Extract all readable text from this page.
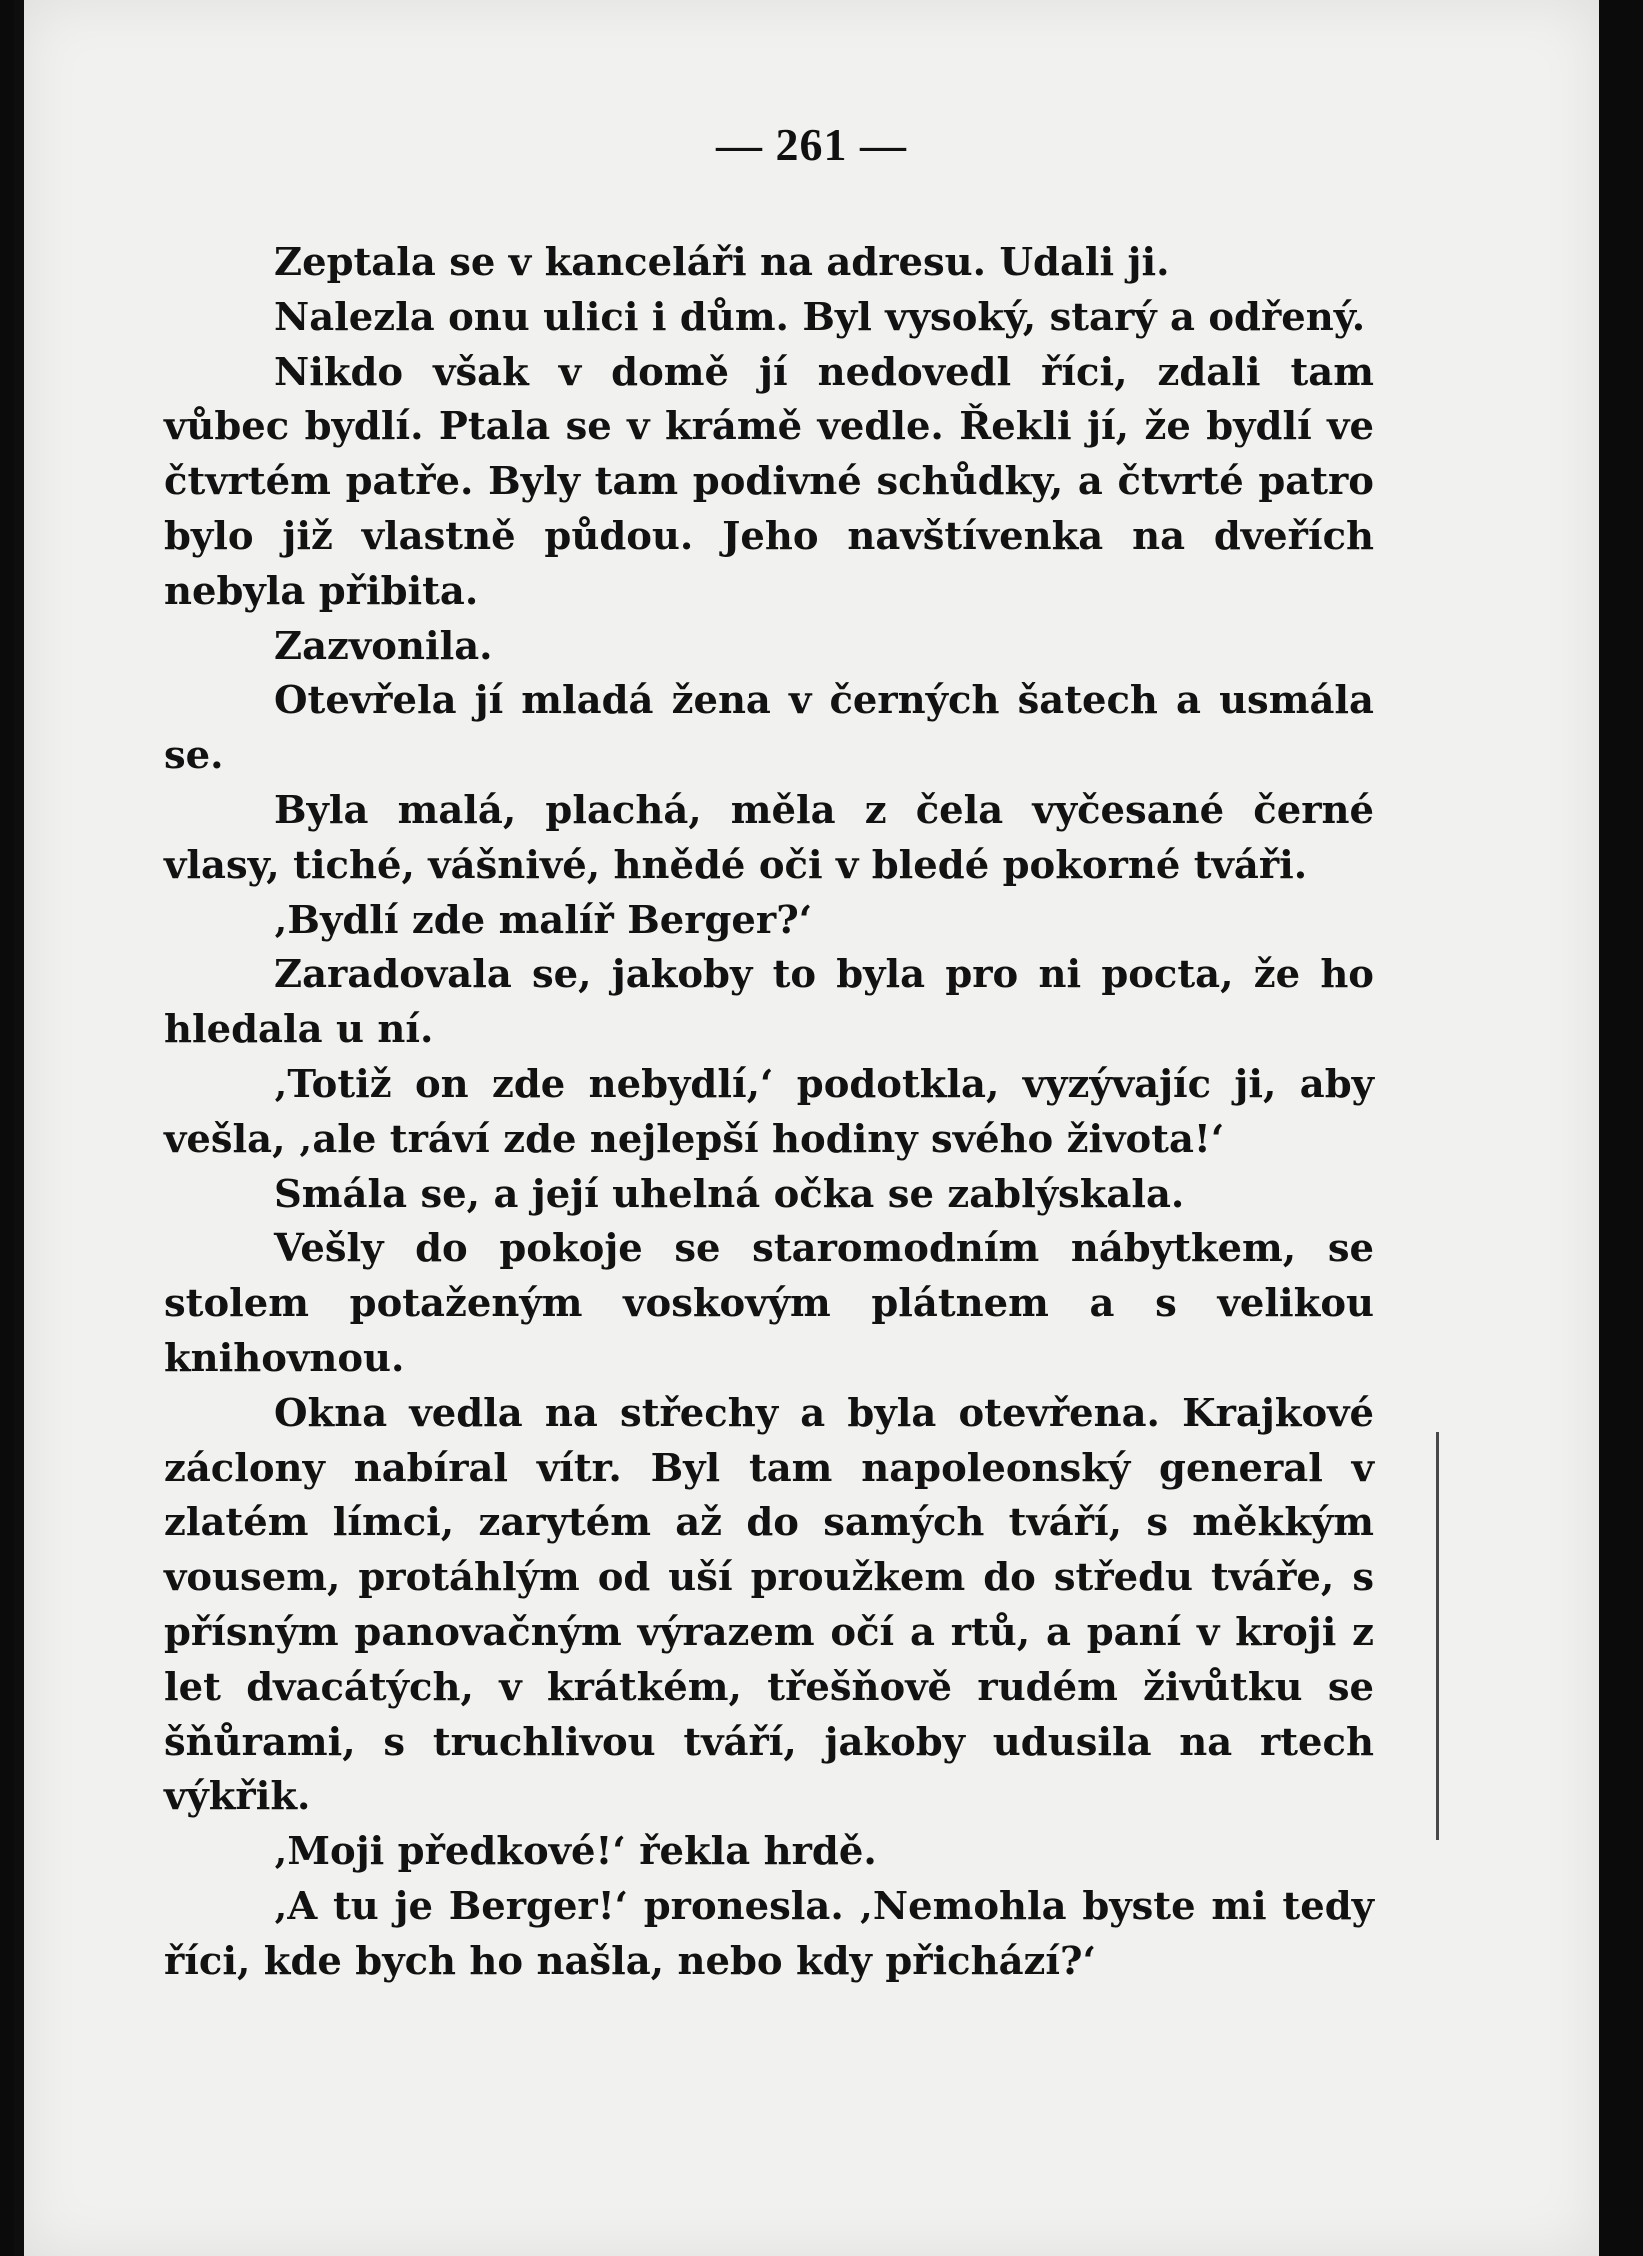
— 261 —

Zeptala se v kanceláři na adresu. Udali ji.

Nalezla onu ulici i dům. Byl vysoký, starý a odřený.

Nikdo však v domě jí nedovedl říci, zdali tam vůbec bydlí. Ptala se v krámě vedle. Řekli jí, že bydlí ve čtvrtém patře. Byly tam podivné schůdky, a čtvrté patro bylo již vlastně půdou. Jeho navštívenka na dveřích nebyla přibita.

Zazvonila.

Otevřela jí mladá žena v černých šatech a usmála se.

Byla malá, plachá, měla z čela vyčesané černé vlasy, tiché, vášnivé, hnědé oči v bledé pokorné tváři.

‚Bydlí zde malíř Berger?‘

Zaradovala se, jakoby to byla pro ni pocta, že ho hledala u ní.

‚Totiž on zde nebydlí,‘ podotkla, vyzývajíc ji, aby vešla, ‚ale tráví zde nejlepší hodiny svého života!‘

Smála se, a její uhelná očka se zablýskala.

Vešly do pokoje se staromodním nábytkem, se stolem potaženým voskovým plátnem a s velikou knihovnou.

Okna vedla na střechy a byla otevřena. Krajkové záclony nabíral vítr. Byl tam napoleonský general v zlatém límci, zarytém až do samých tváří, s měkkým vousem, protáhlým od uší proužkem do středu tváře, s přísným panovačným výrazem očí a rtů, a paní v kroji z let dvacátých, v krátkém, třešňově rudém živůtku se šňůrami, s truchlivou tváří, jakoby udusila na rtech výkřik.

‚Moji předkové!‘ řekla hrdě.

‚A tu je Berger!‘ pronesla. ‚Nemohla byste mi tedy říci, kde bych ho našla, nebo kdy přichází?‘
